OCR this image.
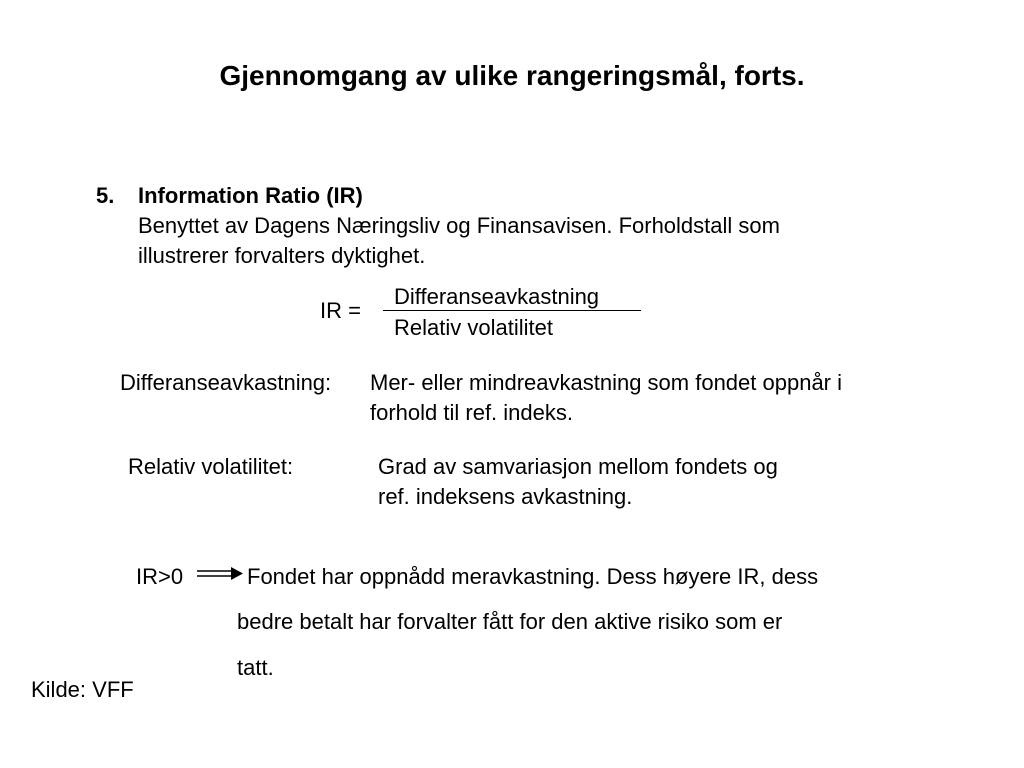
Gjennomgang av ulike rangeringsmål, forts.
5. Information Ratio (IR)
Benyttet av Dagens Næringsliv og Finansavisen. Forholdstall som
illustrerer forvalters dyktighet.
IR =
Differanseavkastning
Relativ volatilitet
Differanseavkastning: Mer- eller mindreavkastning som fondet oppnår i
forhold til ref. indeks.
Relativ volatilitet:	Grad av samvariasjon mellom fondets og
ref. indeksens avkastning.
IR>0	Fondet har oppnådd meravkastning. Dess høyere IR, dess
bedre betalt har forvalter fått for den aktive risiko som er
tatt.
Kilde: VFF
